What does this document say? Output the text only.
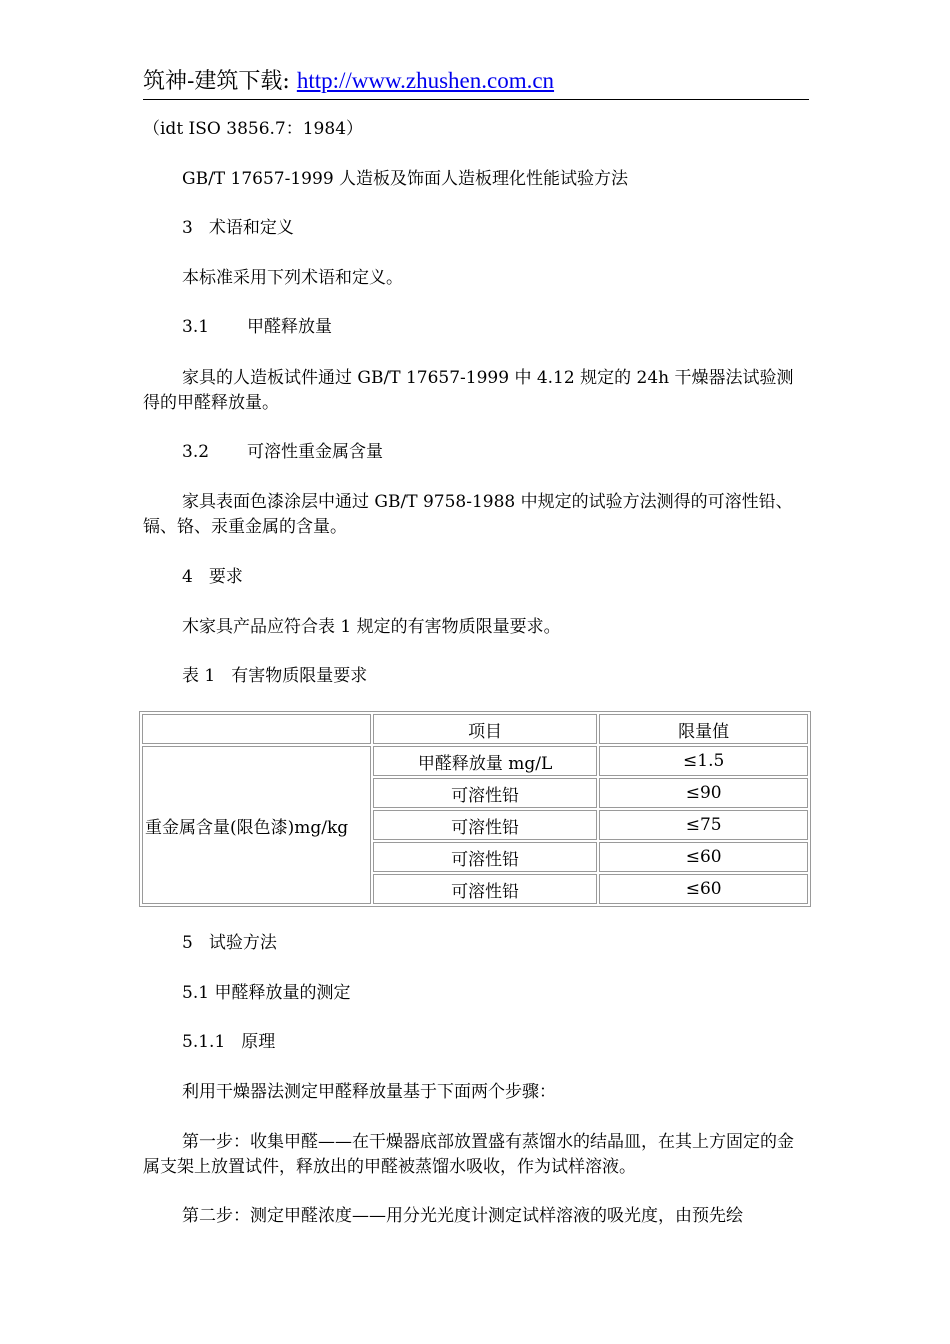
筑神-建筑下载: http://www.zhushen.com.cn
（idt ISO 3856.7：1984）
GB/T 17657-1999 人造板及饰面人造板理化性能试验方法
3 术语和定义
本标准采用下列术语和定义。
3.1 甲醛释放量
家具的人造板试件通过 GB/T 17657-1999 中 4.12 规定的 24h 干燥器法试验测得的甲醛释放量。
3.2 可溶性重金属含量
家具表面色漆涂层中通过 GB/T 9758-1988 中规定的试验方法测得的可溶性铅、镉、铬、汞重金属的含量。
4 要求
木家具产品应符合表 1 规定的有害物质限量要求。
表 1 有害物质限量要求
	项目	限量值
重金属含量(限色漆)mg/kg	甲醛释放量 mg/L	≤1.5
	可溶性铅	≤90
	可溶性铅	≤75
	可溶性铅	≤60
	可溶性铅	≤60
5 试验方法
5.1 甲醛释放量的测定
5.1.1 原理
利用干燥器法测定甲醛释放量基于下面两个步骤：
第一步：收集甲醛——在干燥器底部放置盛有蒸馏水的结晶皿，在其上方固定的金属支架上放置试件，释放出的甲醛被蒸馏水吸收，作为试样溶液。
第二步：测定甲醛浓度——用分光光度计测定试样溶液的吸光度，由预先绘
